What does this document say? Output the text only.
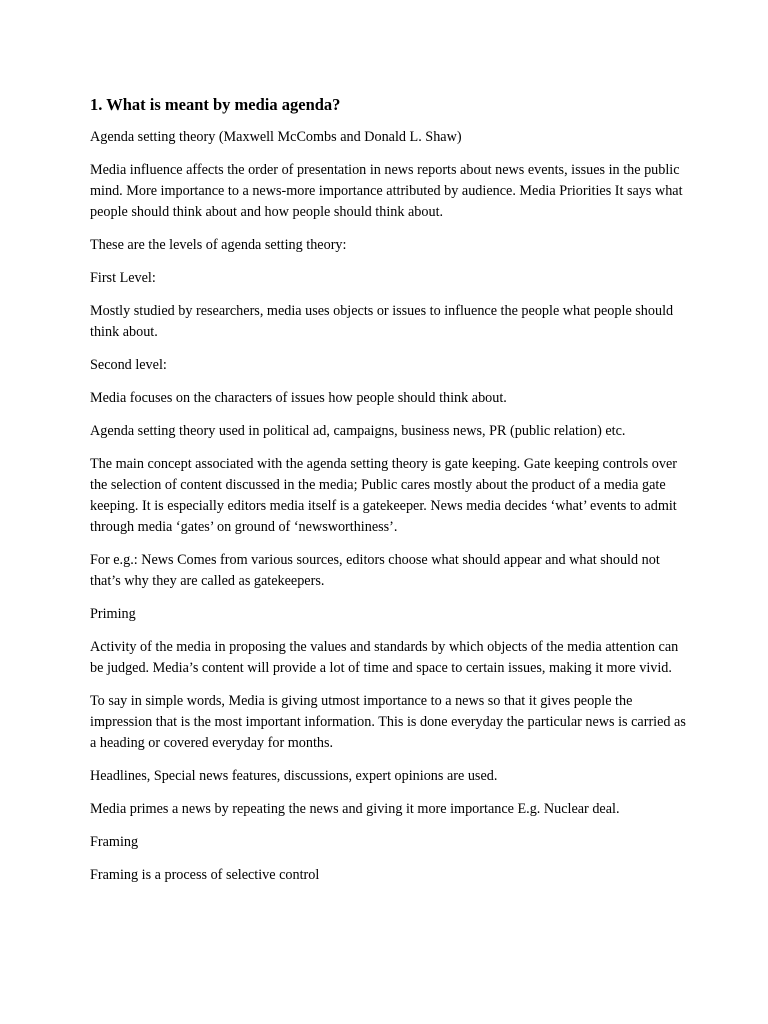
1. What is meant by media agenda?

Agenda setting theory (Maxwell McCombs and Donald L. Shaw)

Media influence affects the order of presentation in news reports about news events, issues in the public mind. More importance to a news-more importance attributed by audience. Media Priorities It says what people should think about and how people should think about.

These are the levels of agenda setting theory:

First Level:

Mostly studied by researchers, media uses objects or issues to influence the people what people should think about.

Second level:

Media focuses on the characters of issues how people should think about.

Agenda setting theory used in political ad, campaigns, business news, PR (public relation) etc.

The main concept associated with the agenda setting theory is gate keeping. Gate keeping controls over the selection of content discussed in the media; Public cares mostly about the product of a media gate keeping. It is especially editors media itself is a gatekeeper. News media decides ‘what’ events to admit through media ‘gates’ on ground of ‘newsworthiness’.

For e.g.: News Comes from various sources, editors choose what should appear and what should not that’s why they are called as gatekeepers.

Priming

Activity of the media in proposing the values and standards by which objects of the media attention can be judged. Media’s content will provide a lot of time and space to certain issues, making it more vivid.

To say in simple words, Media is giving utmost importance to a news so that it gives people the impression that is the most important information. This is done everyday the particular news is carried as a heading or covered everyday for months.

Headlines, Special news features, discussions, expert opinions are used.

Media primes a news by repeating the news and giving it more importance E.g. Nuclear deal.

Framing

Framing is a process of selective control
